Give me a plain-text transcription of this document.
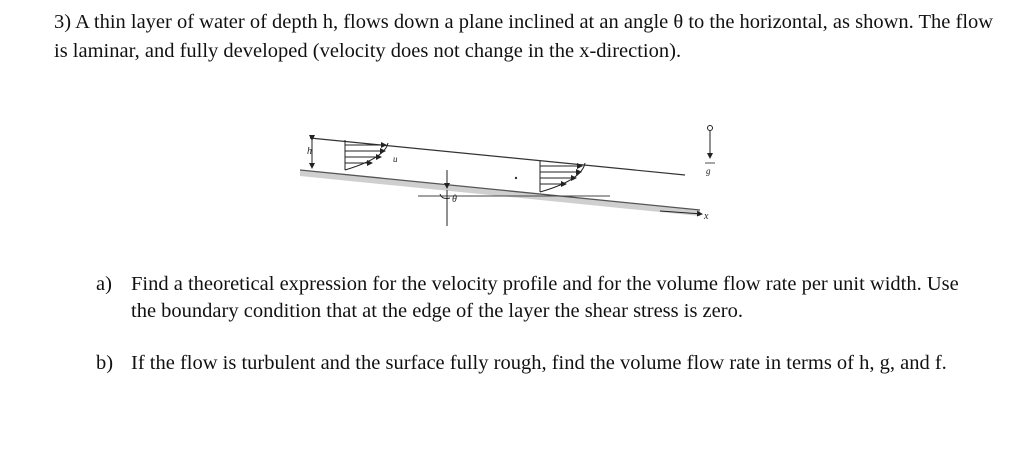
3) A thin layer of water of depth h, flows down a plane inclined at an angle θ to the horizontal, as shown. The flow is laminar, and fully developed (velocity does not change in the x-direction).

h
u
θ
x
g
a) Find a theoretical expression for the velocity profile and for the volume flow rate per unit width. Use the boundary condition that at the edge of the layer the shear stress is zero.
b) If the flow is turbulent and the surface fully rough, find the volume flow rate in terms of h, g, and f.
